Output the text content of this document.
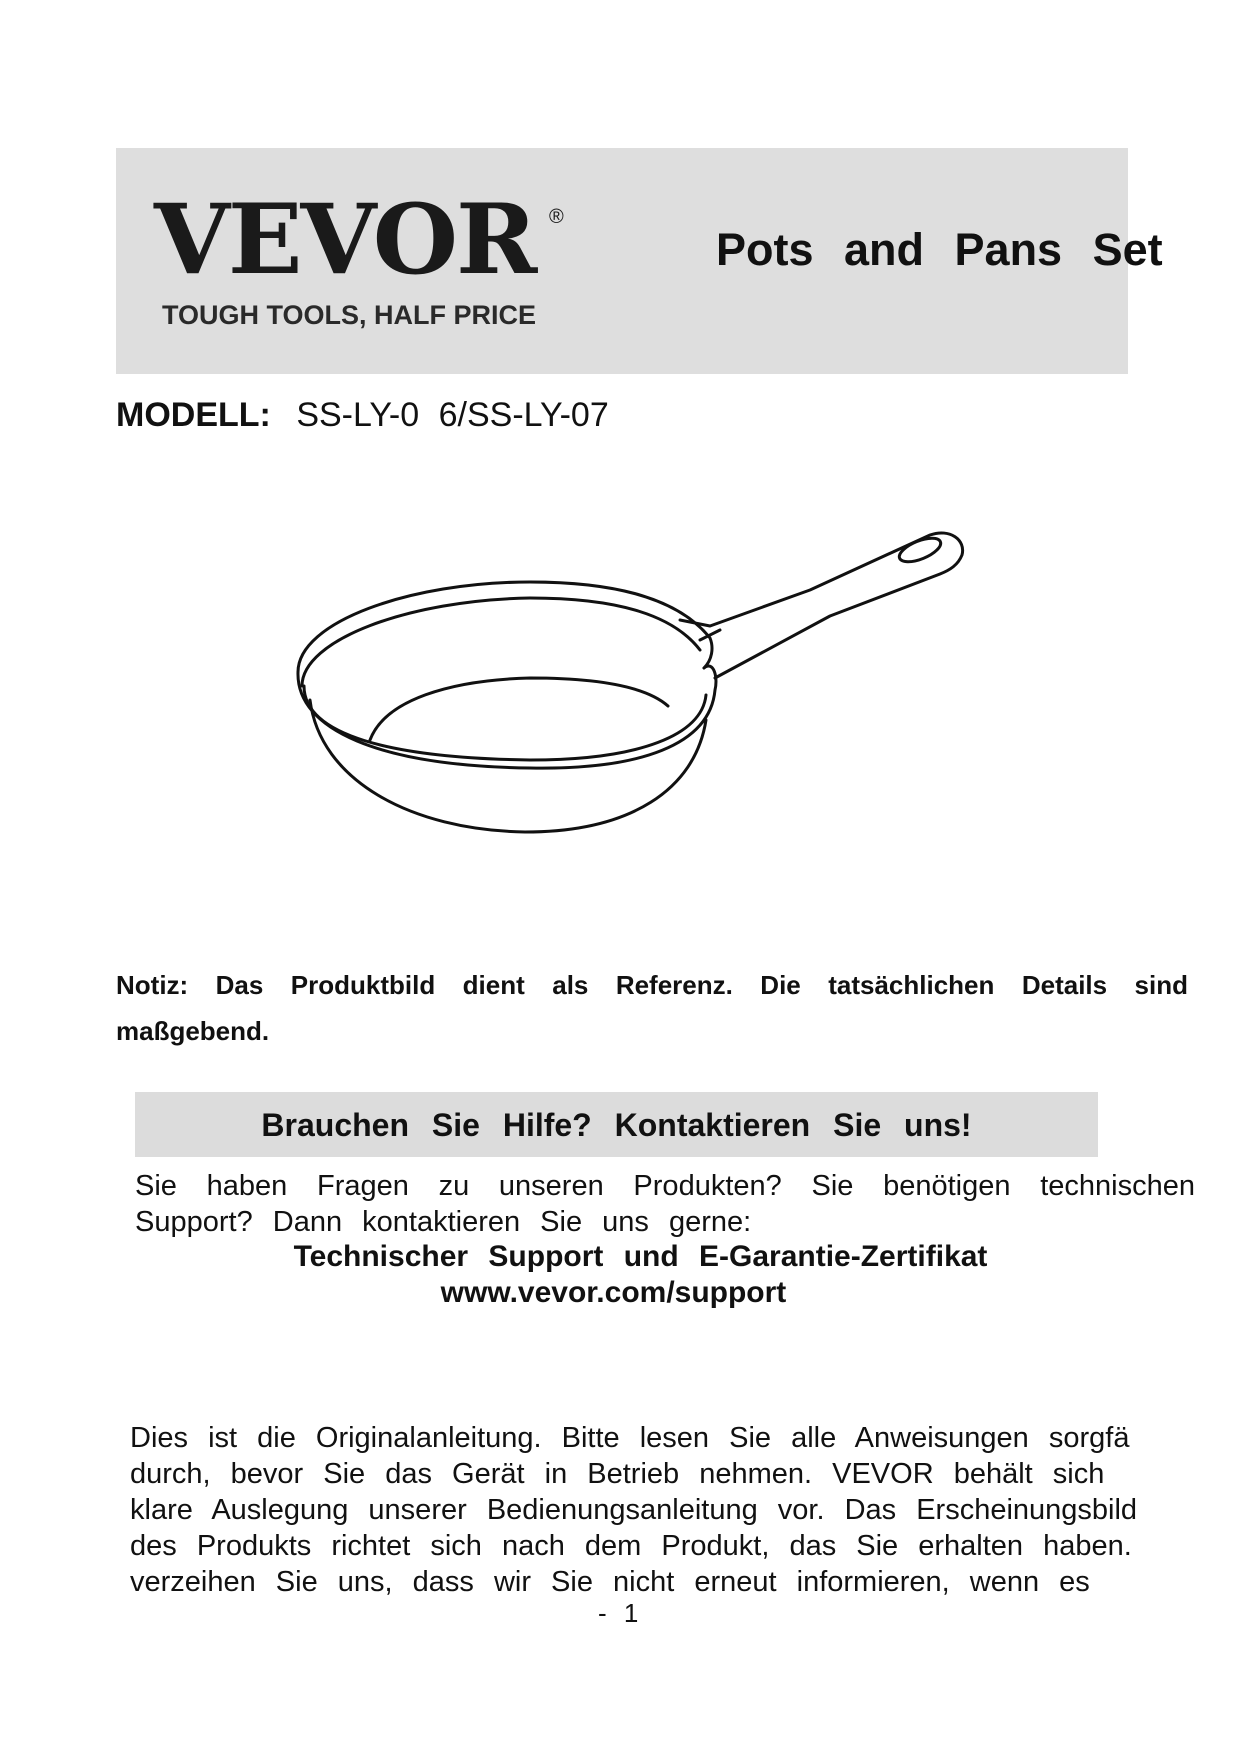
VEVOR ®
TOUGH TOOLS, HALF PRICE
Pots and Pans Set
MODELL: SS-LY-0 6/SS-LY-07
Notiz: Das Produktbild dient als Referenz. Die tatsächlichen Details sind maßgebend.
Brauchen Sie Hilfe? Kontaktieren Sie uns!
Sie haben Fragen zu unseren Produkten? Sie benötigen technischen Support? Dann kontaktieren Sie uns gerne:
Technischer Support und E-Garantie-Zertifikat
www.vevor.com/support
Dies ist die Originalanleitung. Bitte lesen Sie alle Anweisungen sorgfä
durch, bevor Sie das Gerät in Betrieb nehmen. VEVOR behält sich
klare Auslegung unserer Bedienungsanleitung vor. Das Erscheinungsbild
des Produkts richtet sich nach dem Produkt, das Sie erhalten haben.
verzeihen Sie uns, dass wir Sie nicht erneut informieren, wenn es
- 1
